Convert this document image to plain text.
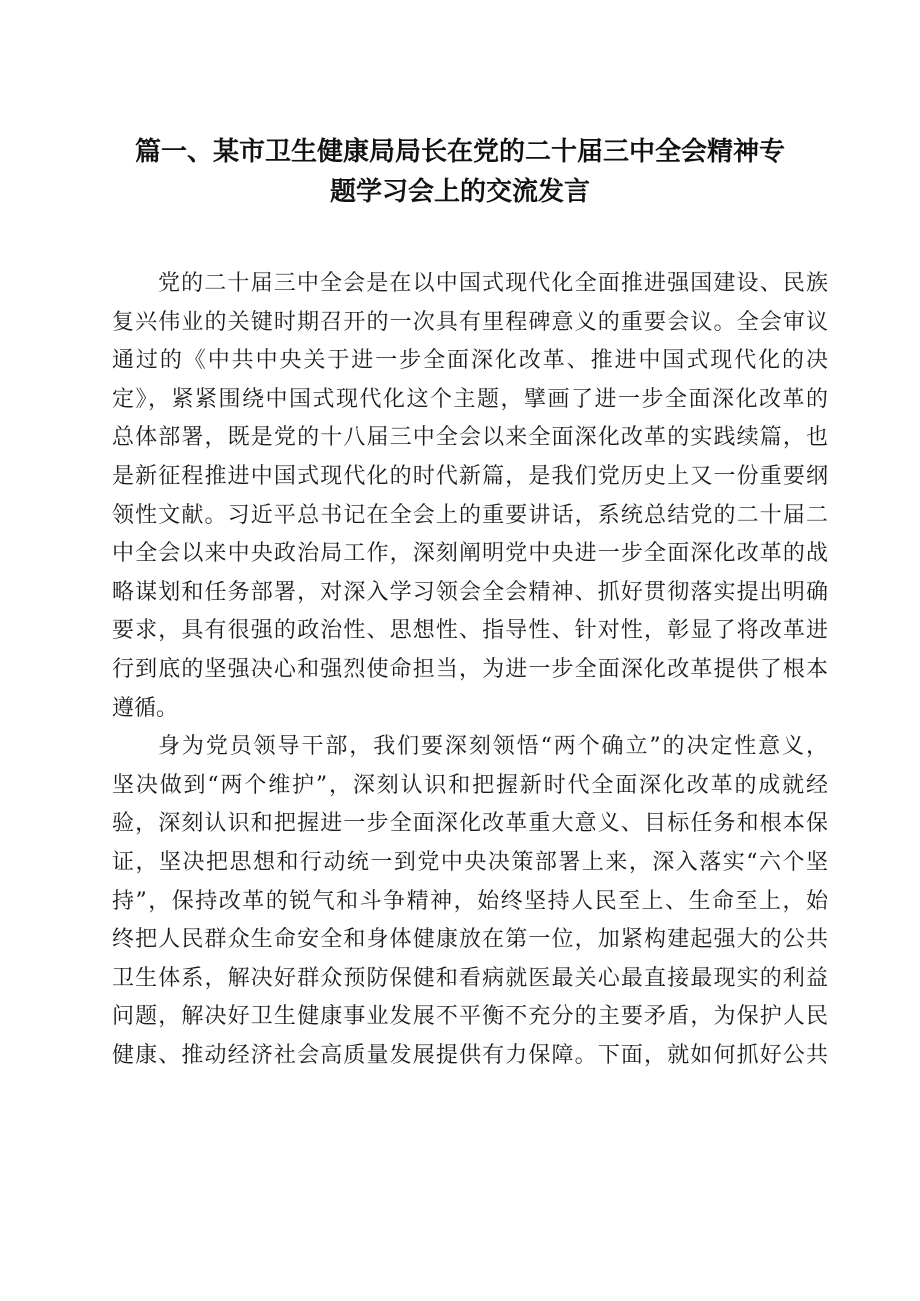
篇一、某市卫生健康局局长在党的二十届三中全会精神专
题学习会上的交流发言
党的二十届三中全会是在以中国式现代化全面推进强国建设、民族
复兴伟业的关键时期召开的一次具有里程碑意义的重要会议。全会审议
通过的《中共中央关于进一步全面深化改革、推进中国式现代化的决
定》，紧紧围绕中国式现代化这个主题，擘画了进一步全面深化改革的
总体部署，既是党的十八届三中全会以来全面深化改革的实践续篇，也
是新征程推进中国式现代化的时代新篇，是我们党历史上又一份重要纲
领性文献。习近平总书记在全会上的重要讲话，系统总结党的二十届二
中全会以来中央政治局工作，深刻阐明党中央进一步全面深化改革的战
略谋划和任务部署，对深入学习领会全会精神、抓好贯彻落实提出明确
要求，具有很强的政治性、思想性、指导性、针对性，彰显了将改革进
行到底的坚强决心和强烈使命担当，为进一步全面深化改革提供了根本
遵循。
身为党员领导干部，我们要深刻领悟“两个确立”的决定性意义，
坚决做到“两个维护”，深刻认识和把握新时代全面深化改革的成就经
验，深刻认识和把握进一步全面深化改革重大意义、目标任务和根本保
证，坚决把思想和行动统一到党中央决策部署上来，深入落实“六个坚
持”，保持改革的锐气和斗争精神，始终坚持人民至上、生命至上，始
终把人民群众生命安全和身体健康放在第一位，加紧构建起强大的公共
卫生体系，解决好群众预防保健和看病就医最关心最直接最现实的利益
问题，解决好卫生健康事业发展不平衡不充分的主要矛盾，为保护人民
健康、推动经济社会高质量发展提供有力保障。下面，就如何抓好公共
